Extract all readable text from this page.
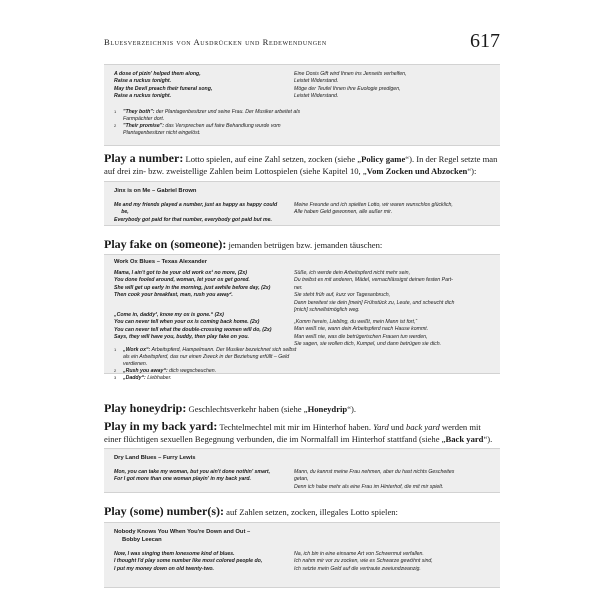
Bluesverzeichnis von Ausdrücken und Redewendungen	617
A dose of pizin' helped them along,
Raise a ruckus tonight.
May the Devil preach their funeral song,
Raise a ruckus tonight.
Eine Dosis Gift wird Ihnen ins Jenseits verhelfen,
Leistet Widerstand.
Möge der Teufel Ihnen ihre Euologie predigen,
Leistet Widerstand.
1 "They both": der Plantagenbesitzer und seine Frau. Der Musiker arbeitet als Farmpächter dort.
2 "Their promise": das Versprechen auf faire Behandlung wurde vom Plantagenbesitzer nicht eingelöst.
Play a number: Lotto spielen, auf eine Zahl setzen, zocken (siehe „Policy game“). In der Regel setzte man auf drei zin- bzw. zweistellige Zahlen beim Lottospielen (siehe Kapitel 10, „Vom Zocken und Abzocken“):
Jinx is on Me – Gabriel Brown
Me and my friends played a number, just as happy as happy could
be,
Everybody got paid for that number, everybody got paid but me.
Meine Freunde und ich spielten Lotto, wir waren wunschlos glücklich,
Alle haben Geld gewonnen, alle außer mir.
Play fake on (someone): jemanden betrügen bzw. jemanden täuschen:
Work Ox Blues – Texas Alexander
Mama, I ain't got to be your old work ox¹ no more, (2x)
You done fooled around, woman, let your ox get gored.
She will get up early in the morning, just awhile before day, (2x)
Then cook your breakfast, man, rush you away².
Süße, ich werde dein Arbeitspferd nicht mehr sein,
Du treibst es mit anderen, Mädel, vernachlässigst deinen festen Part-
ner.
Sie steht früh auf, kurz vor Tagesanbruch,
Dann bereitest sie dein [mein] Frühstück zu, Leute, und scheucht dich
[mich] schnellstmöglich weg.
„Come in, daddy³, know my ox is gone.“ (2x)
You can never tell when your ox is coming back home. (2x)
You can never tell what the double-crossing women will do, (2x)
Says, they will have you, buddy, then play fake on you.
„Komm herein, Liebling, du weißt, mein Mann ist fort,“
Man weiß nie, wann dein Arbeitspferd nach Hause kommt.
Man weiß nie, was die betrügerischen Frauen tun werden,
Sie sagen, sie wollen dich, Kumpel, und dann betrügen sie dich.
1 „Work ox“: Arbeitspferd, Hampelmann. Der Musiker bezeichnet sich selbst als ein Arbeitspferd, das nur einen Zweck in der Beziehung erfüllt – Geld verdienen.
2 „Rush you away“: dich wegscheuchen.
3 „Daddy“: Liebhaber.
Play honeydrip: Geschlechtsverkehr haben (siehe „Honeydrip“).
Play in my back yard: Techtelmechtel mit mir im Hinterhof haben. Yard und back yard werden mit einer flüchtigen sexuellen Begegnung verbunden, die im Normalfall im Hinterhof stattfand (siehe „Back yard“).
Dry Land Blues – Furry Lewis
Mon, you can take my woman, but you ain't done nothin' smart,
For I got more than one woman playin' in my back yard.
Mann, du kannst meine Frau nehmen, aber du hast nichts Gescheites
getan,
Denn ich habe mehr als eine Frau im Hinterhof, die mit mir spielt.
Play (some) number(s): auf Zahlen setzen, zocken, illegales Lotto spielen:
Nobody Knows You When You're Down and Out –
Bobby Leecan
Now, I was singing them lonesome kind of blues.
I thought I'd play some number like most colored people do,
I put my money down on old twenty-two.
Na, ich bin in eine einsame Art von Schwermut verfallen.
Ich nahm mir vor zu zocken, wie es Schwarze gewöhnt sind,
Ich setzte mein Geld auf die vertraute zweiundzwanzig.
